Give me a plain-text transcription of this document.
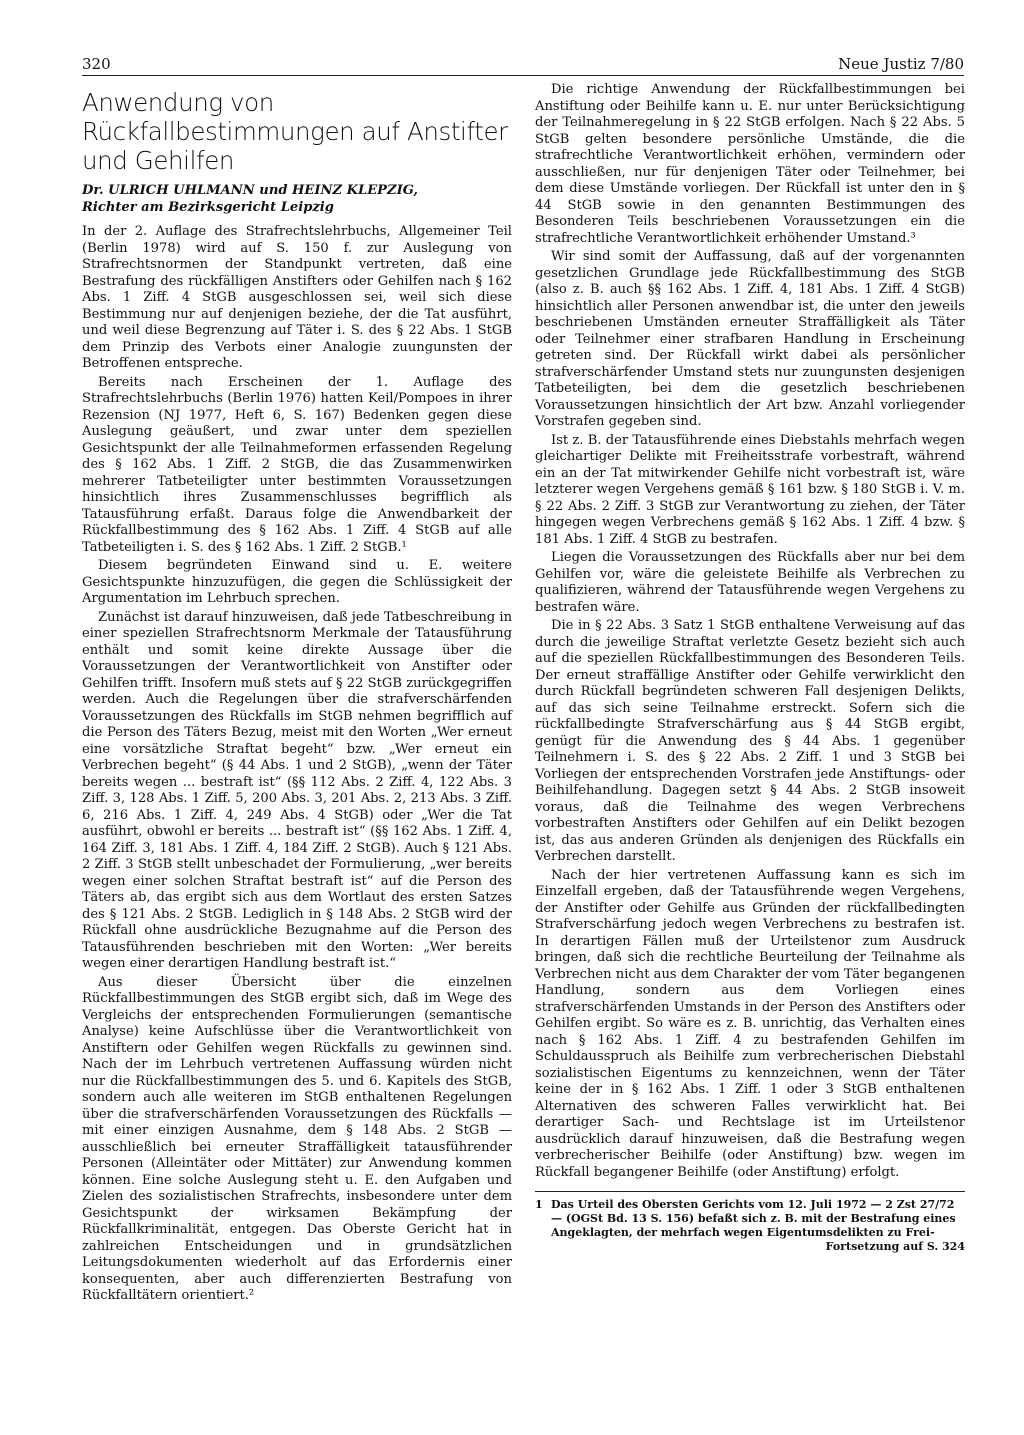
320	Neue Justiz 7/80
Anwendung von Rückfallbestimmungen auf Anstifter und Gehilfen
Dr. ULRICH UHLMANN und HEINZ KLEPZIG,
Richter am Bezirksgericht Leipzig

In der 2. Auflage des Strafrechtslehrbuchs, Allgemeiner Teil (Berlin 1978) wird auf S. 150 f. zur Auslegung von Strafrechtsnormen der Standpunkt vertreten, daß eine Bestrafung des rückfälligen Anstifters oder Gehilfen nach § 162 Abs. 1 Ziff. 4 StGB ausgeschlossen sei, weil sich diese Bestimmung nur auf denjenigen beziehe, der die Tat ausführt, und weil diese Begrenzung auf Täter i. S. des § 22 Abs. 1 StGB dem Prinzip des Verbots einer Analogie zuungunsten der Betroffenen entspreche.

Bereits nach Erscheinen der 1. Auflage des Strafrechtslehrbuchs (Berlin 1976) hatten Keil/Pompoes in ihrer Rezension (NJ 1977, Heft 6, S. 167) Bedenken gegen diese Auslegung geäußert, und zwar unter dem speziellen Gesichtspunkt der alle Teilnahmeformen erfassenden Regelung des § 162 Abs. 1 Ziff. 2 StGB, die das Zusammenwirken mehrerer Tatbeteiligter unter bestimmten Voraussetzungen hinsichtlich ihres Zusammenschlusses begrifflich als Tatausführung erfaßt. Daraus folge die Anwendbarkeit der Rückfallbestimmung des § 162 Abs. 1 Ziff. 4 StGB auf alle Tatbeteiligten i. S. des § 162 Abs. 1 Ziff. 2 StGB.¹

Diesem begründeten Einwand sind u. E. weitere Gesichtspunkte hinzuzufügen, die gegen die Schlüssigkeit der Argumentation im Lehrbuch sprechen.

Zunächst ist darauf hinzuweisen, daß jede Tatbeschreibung in einer speziellen Strafrechtsnorm Merkmale der Tatausführung enthält und somit keine direkte Aussage über die Voraussetzungen der Verantwortlichkeit von Anstifter oder Gehilfen trifft. Insofern muß stets auf § 22 StGB zurückgegriffen werden. Auch die Regelungen über die strafverschärfenden Voraussetzungen des Rückfalls im StGB nehmen begrifflich auf die Person des Täters Bezug, meist mit den Worten „Wer erneut eine vorsätzliche Straftat begeht“ bzw. „Wer erneut ein Verbrechen begeht“ (§ 44 Abs. 1 und 2 StGB), „wenn der Täter bereits wegen ... bestraft ist“ (§§ 112 Abs. 2 Ziff. 4, 122 Abs. 3 Ziff. 3, 128 Abs. 1 Ziff. 5, 200 Abs. 3, 201 Abs. 2, 213 Abs. 3 Ziff. 6, 216 Abs. 1 Ziff. 4, 249 Abs. 4 StGB) oder „Wer die Tat ausführt, obwohl er bereits ... bestraft ist“ (§§ 162 Abs. 1 Ziff. 4, 164 Ziff. 3, 181 Abs. 1 Ziff. 4, 184 Ziff. 2 StGB). Auch § 121 Abs. 2 Ziff. 3 StGB stellt unbeschadet der Formulierung, „wer bereits wegen einer solchen Straftat bestraft ist“ auf die Person des Täters ab, das ergibt sich aus dem Wortlaut des ersten Satzes des § 121 Abs. 2 StGB. Lediglich in § 148 Abs. 2 StGB wird der Rückfall ohne ausdrückliche Bezugnahme auf die Person des Tatausführenden beschrieben mit den Worten: „Wer bereits wegen einer derartigen Handlung bestraft ist.“

Aus dieser Übersicht über die einzelnen Rückfallbestimmungen des StGB ergibt sich, daß im Wege des Vergleichs der entsprechenden Formulierungen (semantische Analyse) keine Aufschlüsse über die Verantwortlichkeit von Anstiftern oder Gehilfen wegen Rückfalls zu gewinnen sind. Nach der im Lehrbuch vertretenen Auffassung würden nicht nur die Rückfallbestimmungen des 5. und 6. Kapitels des StGB, sondern auch alle weiteren im StGB enthaltenen Regelungen über die strafverschärfenden Voraussetzungen des Rückfalls — mit einer einzigen Ausnahme, dem § 148 Abs. 2 StGB — ausschließlich bei erneuter Straffälligkeit tatausführender Personen (Alleintäter oder Mittäter) zur Anwendung kommen können. Eine solche Auslegung steht u. E. den Aufgaben und Zielen des sozialistischen Strafrechts, insbesondere unter dem Gesichtspunkt der wirksamen Bekämpfung der Rückfallkriminalität, entgegen. Das Oberste Gericht hat in zahlreichen Entscheidungen und in grundsätzlichen Leitungsdokumenten wiederholt auf das Erfordernis einer konsequenten, aber auch differenzierten Bestrafung von Rückfalltätern orientiert.²

Die richtige Anwendung der Rückfallbestimmungen bei Anstiftung oder Beihilfe kann u. E. nur unter Berücksichtigung der Teilnahmeregelung in § 22 StGB erfolgen. Nach § 22 Abs. 5 StGB gelten besondere persönliche Umstände, die die strafrechtliche Verantwortlichkeit erhöhen, vermindern oder ausschließen, nur für denjenigen Täter oder Teilnehmer, bei dem diese Umstände vorliegen. Der Rückfall ist unter den in § 44 StGB sowie in den genannten Bestimmungen des Besonderen Teils beschriebenen Voraussetzungen ein die strafrechtliche Verantwortlichkeit erhöhender Umstand.³

Wir sind somit der Auffassung, daß auf der vorgenannten gesetzlichen Grundlage jede Rückfallbestimmung des StGB (also z. B. auch §§ 162 Abs. 1 Ziff. 4, 181 Abs. 1 Ziff. 4 StGB) hinsichtlich aller Personen anwendbar ist, die unter den jeweils beschriebenen Umständen erneuter Straffälligkeit als Täter oder Teilnehmer einer strafbaren Handlung in Erscheinung getreten sind. Der Rückfall wirkt dabei als persönlicher strafverschärfender Umstand stets nur zuungunsten desjenigen Tatbeteiligten, bei dem die gesetzlich beschriebenen Voraussetzungen hinsichtlich der Art bzw. Anzahl vorliegender Vorstrafen gegeben sind.

Ist z. B. der Tatausführende eines Diebstahls mehrfach wegen gleichartiger Delikte mit Freiheitsstrafe vorbestraft, während ein an der Tat mitwirkender Gehilfe nicht vorbestraft ist, wäre letzterer wegen Vergehens gemäß § 161 bzw. § 180 StGB i. V. m. § 22 Abs. 2 Ziff. 3 StGB zur Verantwortung zu ziehen, der Täter hingegen wegen Verbrechens gemäß § 162 Abs. 1 Ziff. 4 bzw. § 181 Abs. 1 Ziff. 4 StGB zu bestrafen.

Liegen die Voraussetzungen des Rückfalls aber nur bei dem Gehilfen vor, wäre die geleistete Beihilfe als Verbrechen zu qualifizieren, während der Tatausführende wegen Vergehens zu bestrafen wäre.

Die in § 22 Abs. 3 Satz 1 StGB enthaltene Verweisung auf das durch die jeweilige Straftat verletzte Gesetz bezieht sich auch auf die speziellen Rückfallbestimmungen des Besonderen Teils. Der erneut straffällige Anstifter oder Gehilfe verwirklicht den durch Rückfall begründeten schweren Fall desjenigen Delikts, auf das sich seine Teilnahme erstreckt. Sofern sich die rückfallbedingte Strafverschärfung aus § 44 StGB ergibt, genügt für die Anwendung des § 44 Abs. 1 gegenüber Teilnehmern i. S. des § 22 Abs. 2 Ziff. 1 und 3 StGB bei Vorliegen der entsprechenden Vorstrafen jede Anstiftungs- oder Beihilfehandlung. Dagegen setzt § 44 Abs. 2 StGB insoweit voraus, daß die Teilnahme des wegen Verbrechens vorbestraften Anstifters oder Gehilfen auf ein Delikt bezogen ist, das aus anderen Gründen als denjenigen des Rückfalls ein Verbrechen darstellt.

Nach der hier vertretenen Auffassung kann es sich im Einzelfall ergeben, daß der Tatausführende wegen Vergehens, der Anstifter oder Gehilfe aus Gründen der rückfallbedingten Strafverschärfung jedoch wegen Verbrechens zu bestrafen ist. In derartigen Fällen muß der Urteilstenor zum Ausdruck bringen, daß sich die rechtliche Beurteilung der Teilnahme als Verbrechen nicht aus dem Charakter der vom Täter begangenen Handlung, sondern aus dem Vorliegen eines strafverschärfenden Umstands in der Person des Anstifters oder Gehilfen ergibt. So wäre es z. B. unrichtig, das Verhalten eines nach § 162 Abs. 1 Ziff. 4 zu bestrafenden Gehilfen im Schuldausspruch als Beihilfe zum verbrecherischen Diebstahl sozialistischen Eigentums zu kennzeichnen, wenn der Täter keine der in § 162 Abs. 1 Ziff. 1 oder 3 StGB enthaltenen Alternativen des schweren Falles verwirklicht hat. Bei derartiger Sach- und Rechtslage ist im Urteilstenor ausdrücklich darauf hinzuweisen, daß die Bestrafung wegen verbrecherischer Beihilfe (oder Anstiftung) bzw. wegen im Rückfall begangener Beihilfe (oder Anstiftung) erfolgt.

1 Das Urteil des Obersten Gerichts vom 12. Juli 1972 — 2 Zst 27/72 — (OGSt Bd. 13 S. 156) befaßt sich z. B. mit der Bestrafung eines Angeklagten, der mehrfach wegen Eigentumsdelikten zu Frei-
Fortsetzung auf S. 324
